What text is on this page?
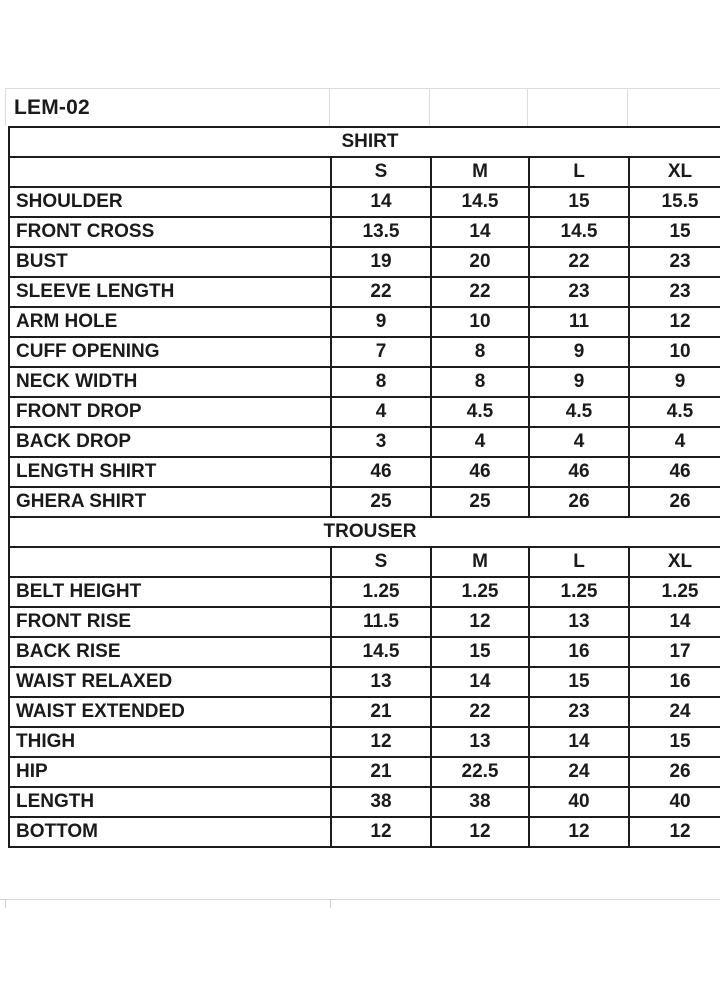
LEM-02
SHIRT				
	S	M	L	XL
SHOULDER	14	14.5	15	15.5
FRONT CROSS	13.5	14	14.5	15
BUST	19	20	22	23
SLEEVE LENGTH	22	22	23	23
ARM HOLE	9	10	11	12
CUFF OPENING	7	8	9	10
NECK WIDTH	8	8	9	9
FRONT DROP	4	4.5	4.5	4.5
BACK DROP	3	4	4	4
LENGTH SHIRT	46	46	46	46
GHERA SHIRT	25	25	26	26
TROUSER				
	S	M	L	XL
BELT HEIGHT	1.25	1.25	1.25	1.25
FRONT RISE	11.5	12	13	14
BACK RISE	14.5	15	16	17
WAIST RELAXED	13	14	15	16
WAIST EXTENDED	21	22	23	24
THIGH	12	13	14	15
HIP	21	22.5	24	26
LENGTH	38	38	40	40
BOTTOM	12	12	12	12
